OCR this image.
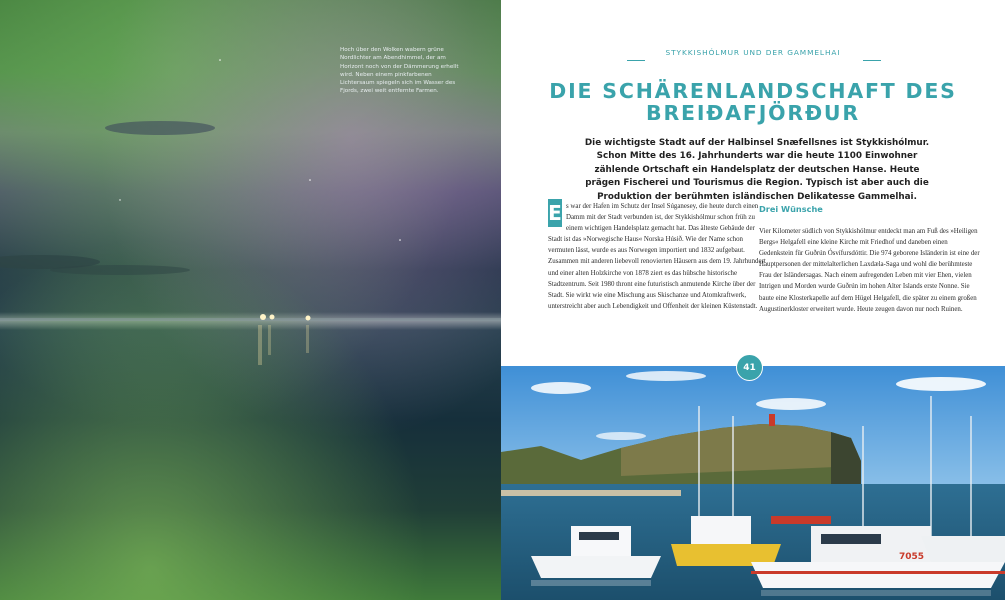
Hoch über den Wolken wabern grüne Nordlichter am Abendhimmel, der am Horizont noch von der Dämmerung erhellt wird. Neben einem pinkfarbenen Lichtersaum spiegeln sich im Wasser des Fjords, zwei weit entfernte Farmen.
STYKKISHÓLMUR UND DER GAMMELHAI
DIE SCHÄRENLANDSCHAFT DES
BREIÐAFJÖRÐUR
Die wichtigste Stadt auf der Halbinsel Snæfellsnes ist Stykkishólmur. Schon Mitte des 16. Jahrhunderts war die heute 1100 Einwohner zählende Ortschaft ein Handelsplatz der deutschen Hanse. Heute prägen Fischerei und Tourismus die Region. Typisch ist aber auch die Produktion der berühmten isländischen Delikatesse Gammelhai.
E s war der Hafen im Schutz der Insel Súganesey, die heute durch einen Damm mit der Stadt verbunden ist, der Stykkishólmur schon früh zu einem wichtigen Handelsplatz gemacht hat. Das älteste Gebäude der Stadt ist das »Norwegische Haus« Norska Húsið. Wie der Name schon vermuten lässt, wurde es aus Norwegen importiert und 1832 aufgebaut. Zusammen mit anderen liebevoll renovierten Häusern aus dem 19. Jahrhundert und einer alten Holzkirche von 1878 ziert es das hübsche historische Stadtzentrum. Seit 1980 thront eine futuristisch anmutende Kirche über der Stadt. Sie wirkt wie eine Mischung aus Skischanze und Atomkraftwerk, unterstreicht aber auch Lebendigkeit und Offenheit der kleinen Küstenstadt.
Drei Wünsche
Vier Kilometer südlich von Stykkishólmur entdeckt man am Fuß des »Heiligen Bergs« Helgafell eine kleine Kirche mit Friedhof und daneben einen Gedenkstein für Guðrún Ósvífursdóttir. Die 974 geborene Isländerin ist eine der Hauptpersonen der mittelalterlichen Laxdæla-Saga und wohl die berühmteste Frau der Isländersagas. Nach einem aufregenden Leben mit vier Ehen, vielen Intrigen und Morden wurde Guðrún im hohen Alter Islands erste Nonne. Sie baute eine Klosterkapelle auf dem Hügel Helgafell, die später zu einem großen Augustinerkloster erweitert wurde. Heute zeugen davon nur noch Ruinen.
41
7055
